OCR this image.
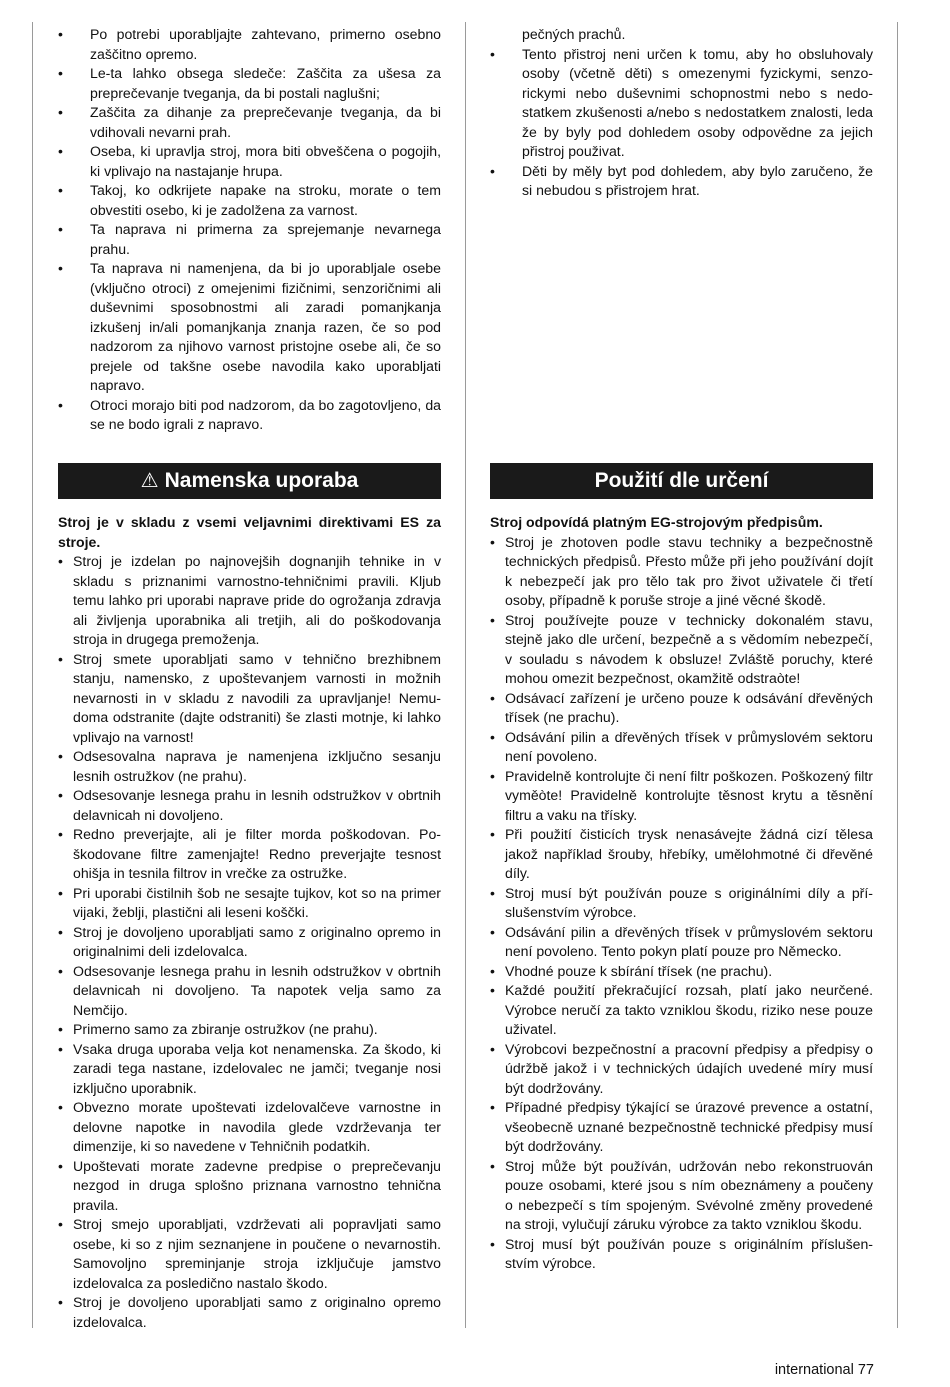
• Po potrebi uporabljajte zahtevano, primerno osebno zaščitno opremo.
• Le-ta lahko obsega sledeče: Zaščita za ušesa za preprečevanje tveganja, da bi postali naglušni;
• Zaščita za dihanje za preprečevanje tveganja, da bi vdihovali nevarni prah.
• Oseba, ki upravlja stroj, mora biti obveščena o pogojih, ki vplivajo na nastajanje hrupa.
• Takoj, ko odkrijete napake na stroku, morate o tem obvestiti osebo, ki je zadolžena za varnost.
• Ta naprava ni primerna za sprejemanje nevarnega prahu.
• Ta naprava ni namenjena, da bi jo uporabljale osebe (vključno otroci) z omejenimi fizičnimi, senzoričnimi ali duševnimi sposobnostmi ali zaradi pomanjkanja izkušenj in/ali pomanjkanja znanja razen, če so pod nadzorom za njihovo varnost pristojne osebe ali, če so prejele od takšne osebe navodila kako uporabljati napravo.
• Otroci morajo biti pod nadzorom, da bo zagotovljeno, da se ne bodo igrali z napravo.
pečných prachů.
• Tento přistroj neni určen k tomu, aby ho obsluhovaly osoby (včetně děti) s omezenymi fyzickymi, senzorickymi nebo duševnimi schopnostmi nebo s nedostatkem zkušenosti a/nebo s nedostatkem znalosti, leda že by byly pod dohledem osoby odpovědne za jejich přistroj použivat.
• Děti by měly byt pod dohledem, aby bylo zaručeno, že si nebudou s přistrojem hrat.
⚠ Namenska uporaba	Použití dle určení

Stroj je v skladu z vsemi veljavnimi direktivami ES za stroje.

• Stroj je izdelan po najnovejših dognanjih tehnike in v skladu s priznanimi varnostno-tehničnimi pravili. Kljub temu lahko pri uporabi naprave pride do ogrožanja zdravja ali življenja uporabnika ali tretjih, ali do poškodovanja stroja in drugega premoženja.
• Stroj smete uporabljati samo v tehnično brezhibnem stanju, namensko, z upoštevanjem varnosti in možnih nevarnosti in v skladu z navodili za upravljanje! Nemudoma odstranite (dajte odstraniti) še zlasti motnje, ki lahko vplivajo na varnost!
• Odsesovalna naprava je namenjena izključno sesanju lesnih ostružkov (ne prahu).
• Odsesovanje lesnega prahu in lesnih odstružkov v obrtnih delavnicah ni dovoljeno.
• Redno preverjajte, ali je filter morda poškodovan. Poškodovane filtre zamenjajte! Redno preverjajte tesnost ohišja in tesnila filtrov in vrečke za ostružke.
• Pri uporabi čistilnih šob ne sesajte tujkov, kot so na primer vijaki, žeblji, plastični ali leseni koščki.
• Stroj je dovoljeno uporabljati samo z originalno opremo in originalnimi deli izdelovalca.
• Odsesovanje lesnega prahu in lesnih odstružkov v obrtnih delavnicah ni dovoljeno. Ta napotek velja samo za Nemčijo.
• Primerno samo za zbiranje ostružkov (ne prahu).
• Vsaka druga uporaba velja kot nenamenska. Za škodo, ki zaradi tega nastane, izdelovalec ne jamči; tveganje nosi izključno uporabnik.
• Obvezno morate upoštevati izdelovalčeve varnostne in delovne napotke in navodila glede vzdrževanja ter dimenzije, ki so navedene v Tehničnih podatkih.
• Upoštevati morate zadevne predpise o preprečevanju nezgod in druga splošno priznana varnostno tehnična pravila.
• Stroj smejo uporabljati, vzdrževati ali popravljati samo osebe, ki so z njim seznanjene in poučene o nevarnostih. Samovoljno spreminjanje stroja izključuje jamstvo izdelovalca za posledično nastalo škodo.
• Stroj je dovoljeno uporabljati samo z originalno opremo izdelovalca.

Stroj odpovídá platným EG-strojovým předpisům.

• Stroj je zhotoven podle stavu techniky a bezpečnostně technických předpisů. Přesto může při jeho používání dojít k nebezpečí jak pro tělo tak pro život uživatele či třetí osoby, případně k poruše stroje a jiné věcné škodě.
• Stroj používejte pouze v technicky dokonalém stavu, stejně jako dle určení, bezpečně a s vědomím nebezpečí, v souladu s návodem k obsluze! Zvláště poruchy, které mohou omezit bezpečnost, okamžitě odstraòte!
• Odsávací zařízení je určeno pouze k odsávání dřevěných třísek (ne prachu).
• Odsávání pilin a dřevěných třísek v průmyslovém sektoru není povoleno.
• Pravidelně kontrolujte či není filtr poškozen. Poškozený filtr vyměòte! Pravidelně kontrolujte těsnost krytu a těsnění filtru a vaku na třísky.
• Při použití čisticích trysk nenasávejte žádná cizí tělesa jakož například šrouby, hřebíky, umělohmotné či dřevěné díly.
• Stroj musí být používán pouze s originálními díly a příslušenstvím výrobce.
• Odsávání pilin a dřevěných třísek v průmyslovém sektoru není povoleno. Tento pokyn platí pouze pro Německo.
• Vhodné pouze k sbírání třísek (ne prachu).
• Každé použití překračující rozsah, platí jako neurčené. Výrobce neručí za takto vzniklou škodu, riziko nese pouze uživatel.
• Výrobcovi bezpečnostní a pracovní předpisy a předpisy o údržbě jakož i v technických údajích uvedené míry musí být dodržovány.
• Případné předpisy týkající se úrazové prevence a ostatní, všeobecně uznané bezpečnostně technické předpisy musí být dodržovány.
• Stroj může být používán, udržován nebo rekonstruován pouze osobami, které jsou s ním obeznámeny a poučeny o nebezpečí s tím spojeným. Svévolné změny provedené na stroji, vylučují záruku výrobce za takto vzniklou škodu.
• Stroj musí být používán pouze s originálním příslušenstvím výrobce.
international 77
